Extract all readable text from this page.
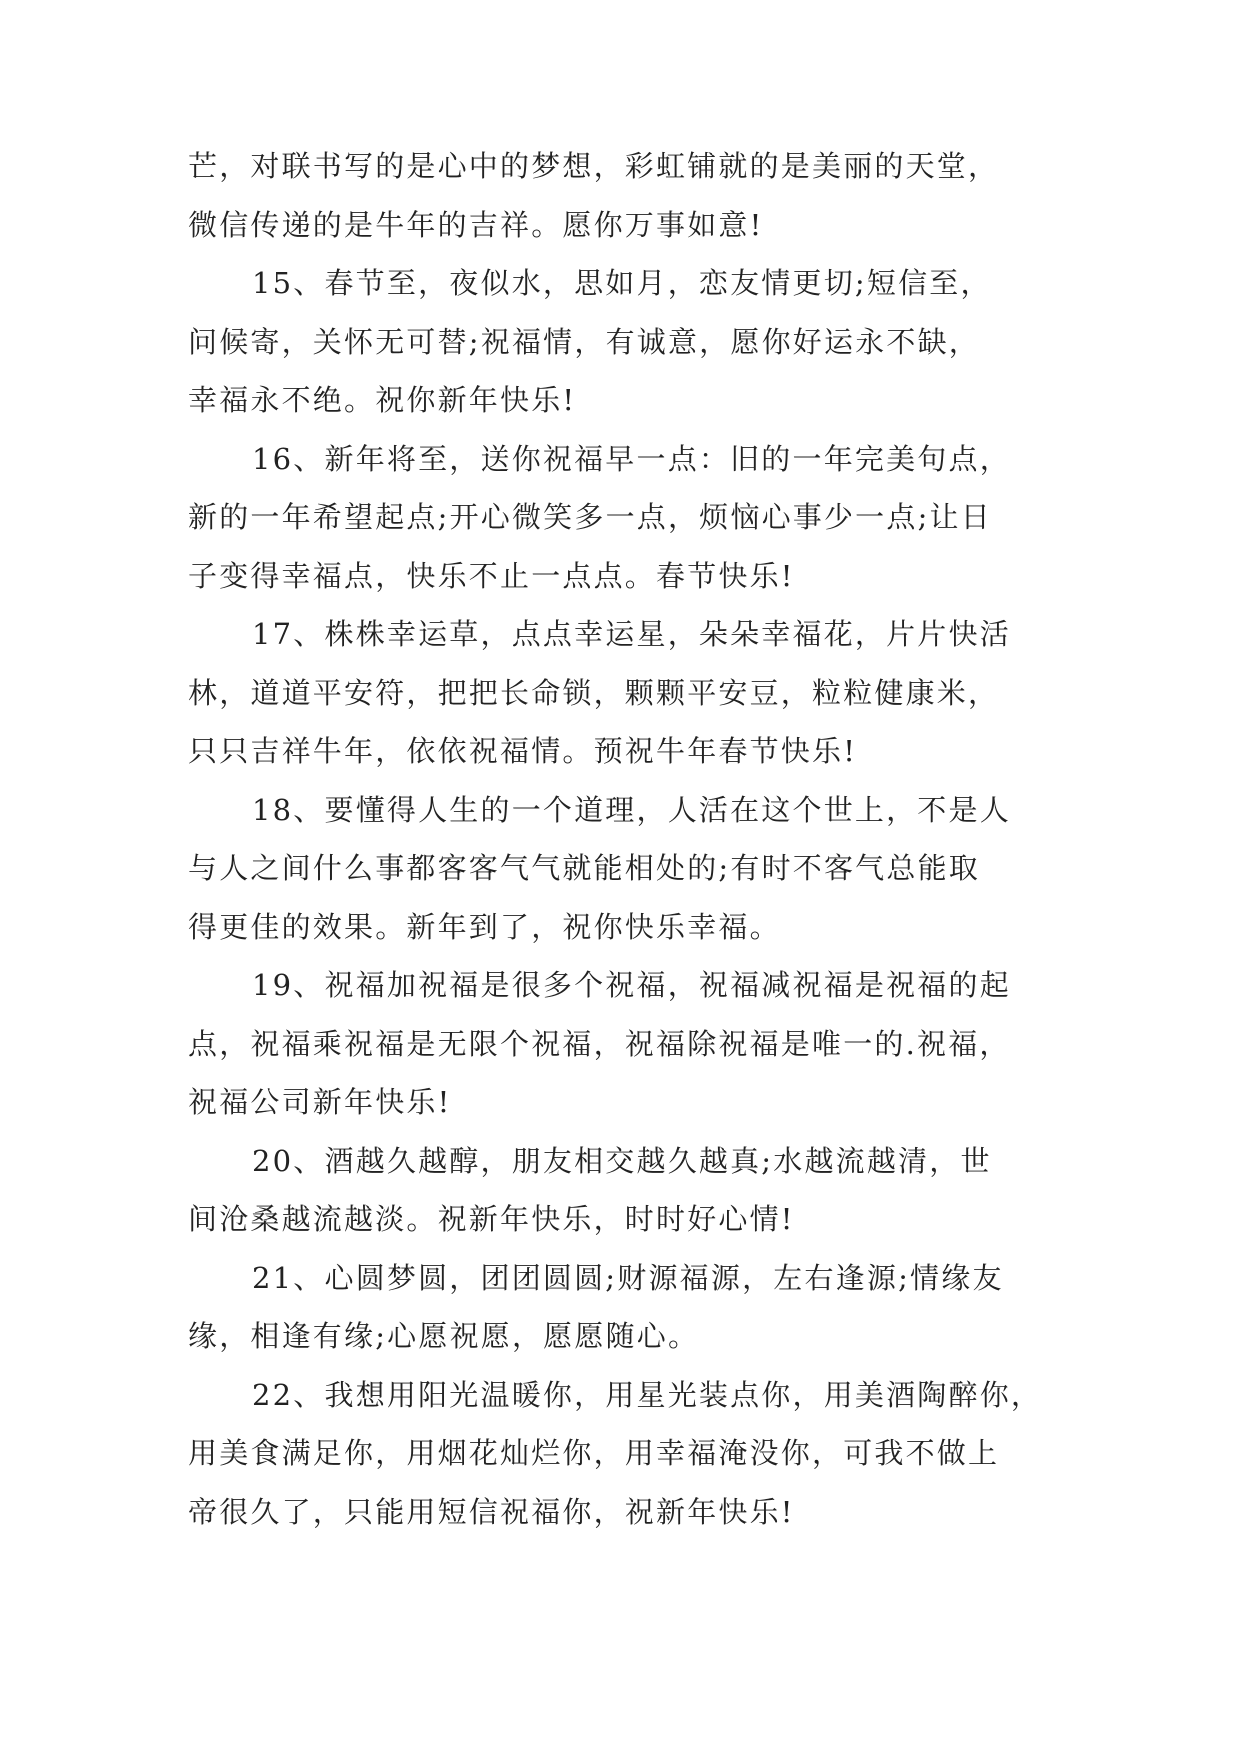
芒，对联书写的是心中的梦想，彩虹铺就的是美丽的天堂，
微信传递的是牛年的吉祥。愿你万事如意!
15、春节至，夜似水，思如月，恋友情更切;短信至，
问候寄，关怀无可替;祝福情，有诚意，愿你好运永不缺，
幸福永不绝。祝你新年快乐!
16、新年将至，送你祝福早一点：旧的一年完美句点，
新的一年希望起点;开心微笑多一点，烦恼心事少一点;让日
子变得幸福点，快乐不止一点点。春节快乐!
17、株株幸运草，点点幸运星，朵朵幸福花，片片快活
林，道道平安符，把把长命锁，颗颗平安豆，粒粒健康米，
只只吉祥牛年，依依祝福情。预祝牛年春节快乐!
18、要懂得人生的一个道理，人活在这个世上，不是人
与人之间什么事都客客气气就能相处的;有时不客气总能取
得更佳的效果。新年到了，祝你快乐幸福。
19、祝福加祝福是很多个祝福，祝福减祝福是祝福的起
点，祝福乘祝福是无限个祝福，祝福除祝福是唯一的.祝福，
祝福公司新年快乐!
20、酒越久越醇，朋友相交越久越真;水越流越清，世
间沧桑越流越淡。祝新年快乐，时时好心情!
21、心圆梦圆，团团圆圆;财源福源，左右逢源;情缘友
缘，相逢有缘;心愿祝愿，愿愿随心。
22、我想用阳光温暖你，用星光装点你，用美酒陶醉你，
用美食满足你，用烟花灿烂你，用幸福淹没你，可我不做上
帝很久了，只能用短信祝福你，祝新年快乐!
